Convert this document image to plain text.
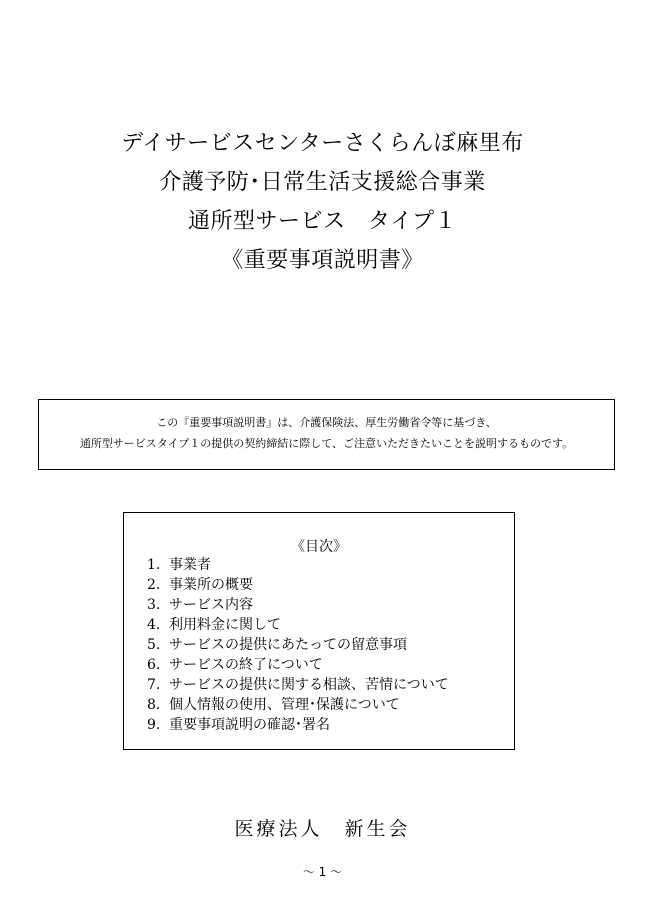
デイサービスセンターさくらんぼ麻里布
介護予防･日常生活支援総合事業
通所型サービス　タイプ１
《重要事項説明書》
この『重要事項説明書』は、介護保険法、厚生労働省令等に基づき、
通所型サービスタイプ１の提供の契約締結に際して、ご注意いただきたいことを説明するものです。
《目次》
1. 事業者
2. 事業所の概要
3. サービス内容
4. 利用料金に関して
5. サービスの提供にあたっての留意事項
6. サービスの終了について
7. サービスの提供に関する相談、苦情について
8. 個人情報の使用、管理･保護について
9. 重要事項説明の確認･署名
医療法人　新生会
～ 1 ～
